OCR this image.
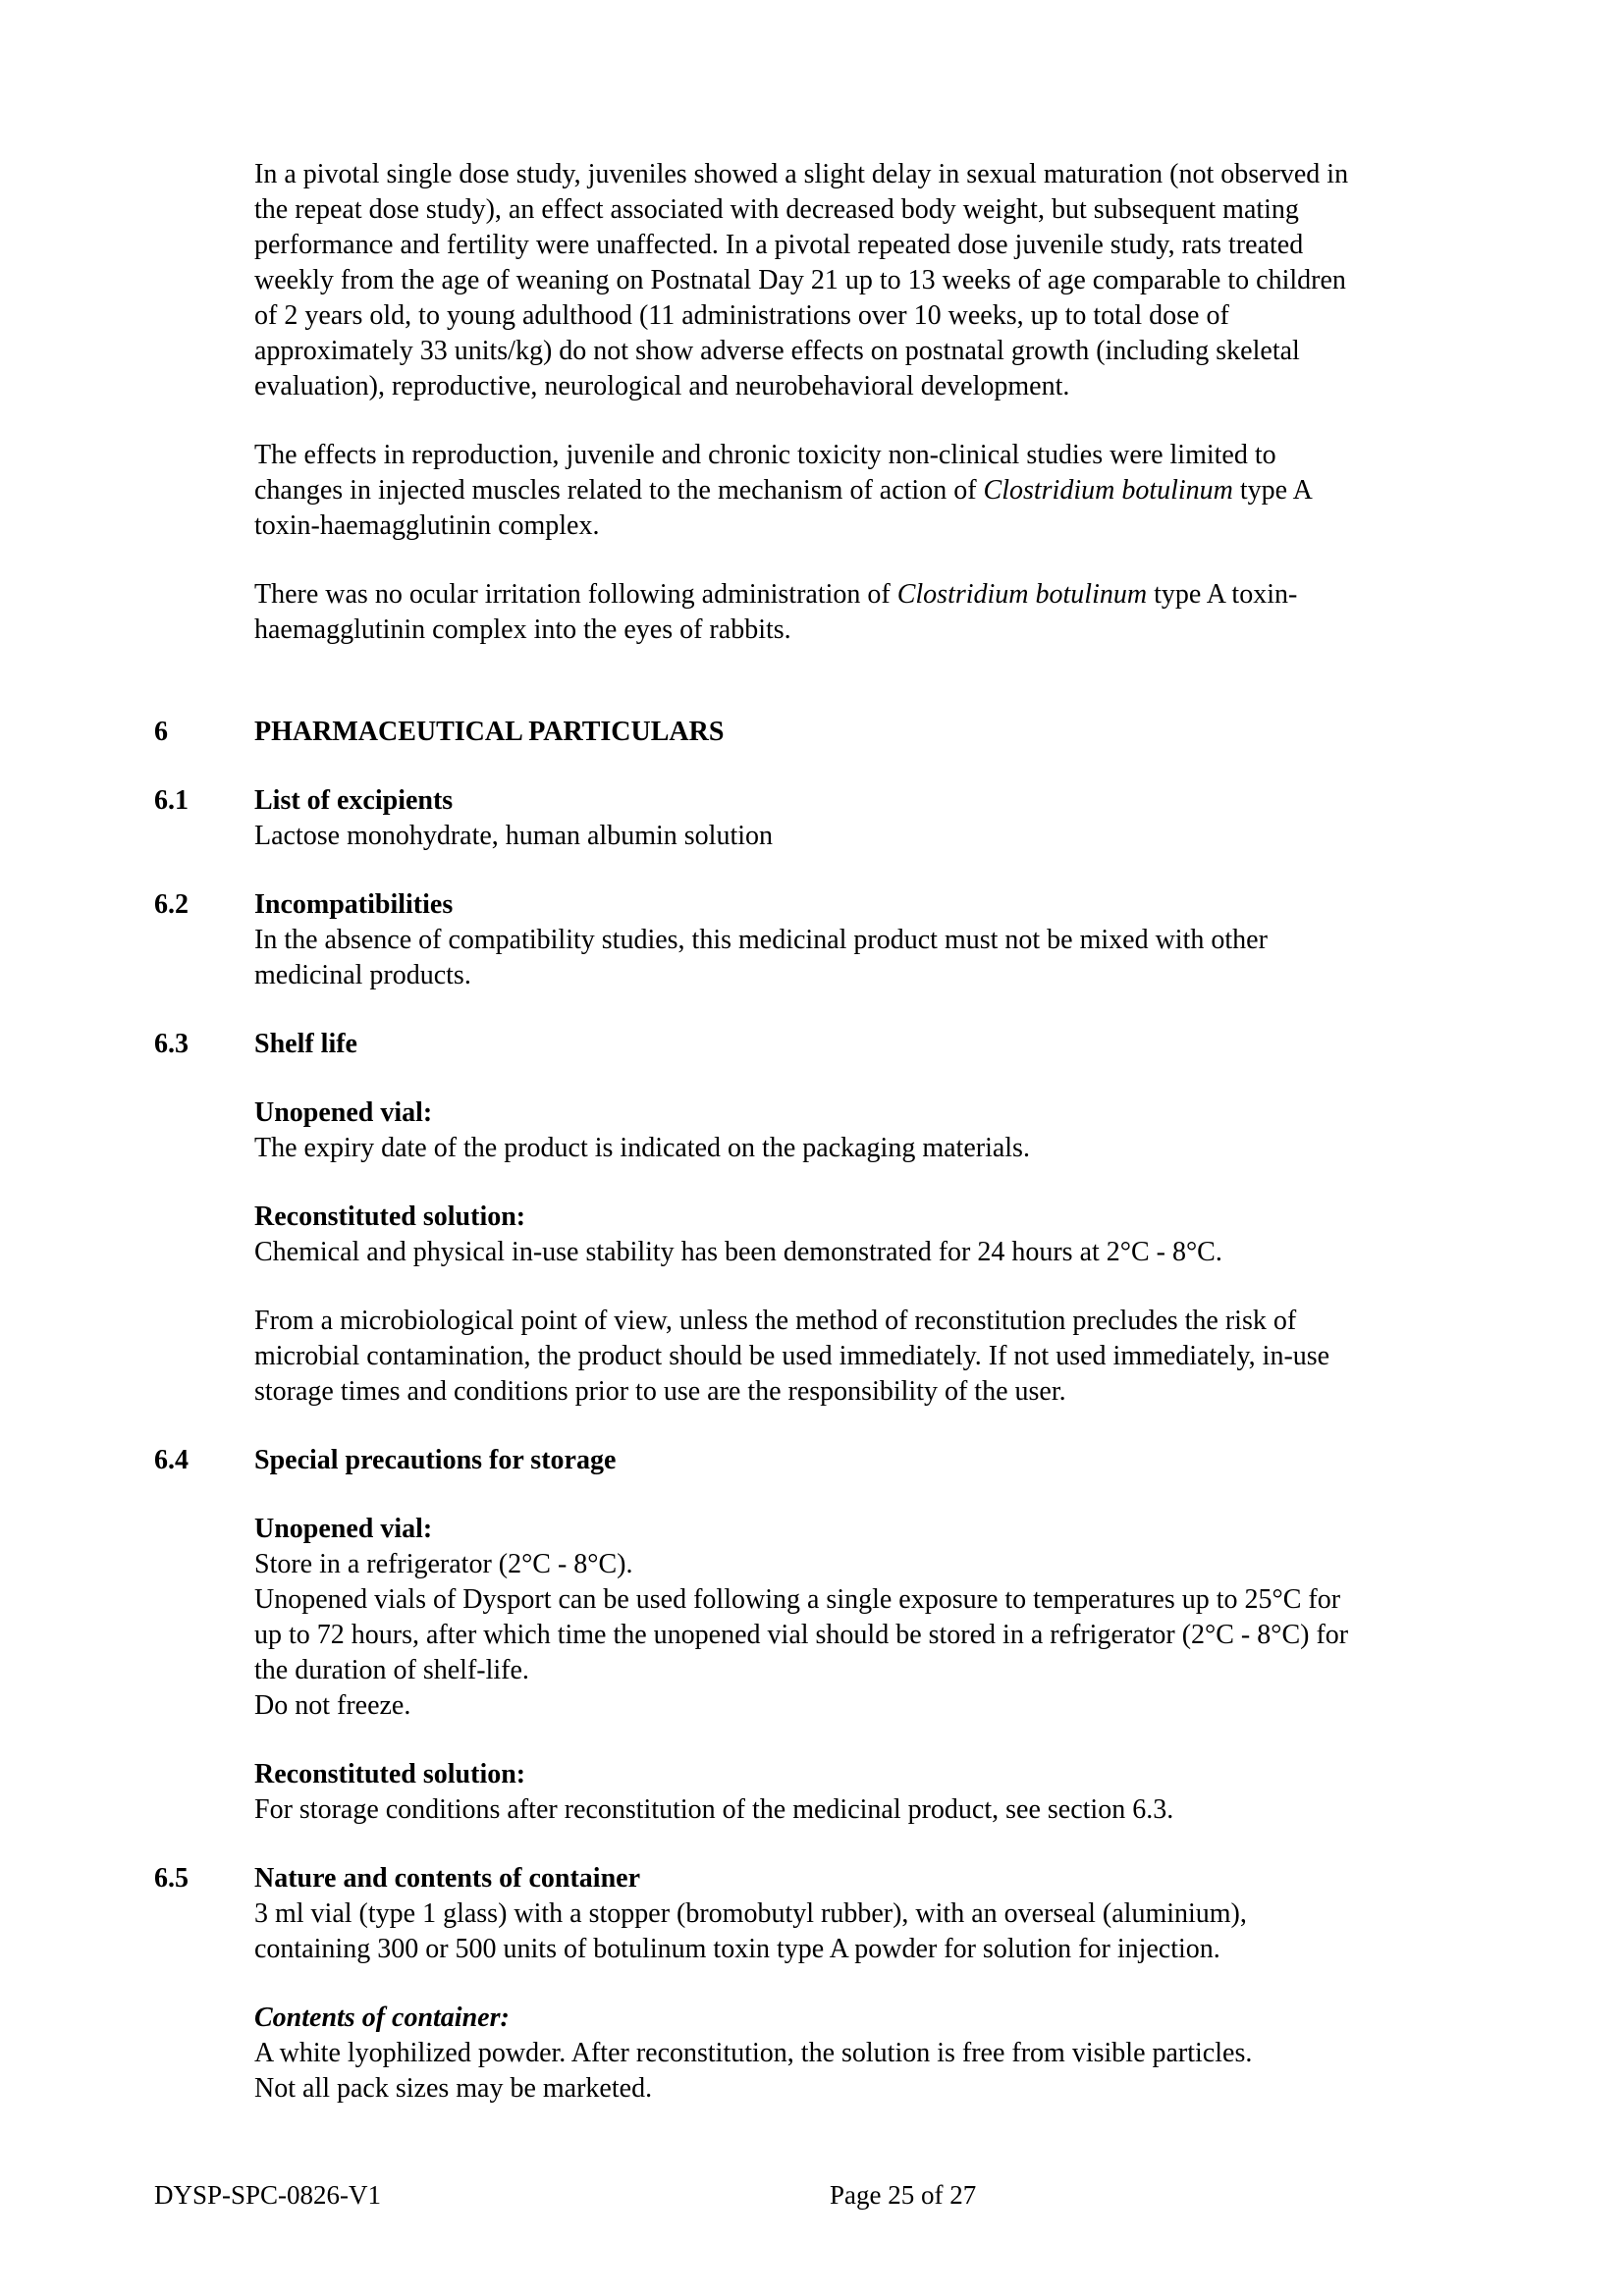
In a pivotal single dose study, juveniles showed a slight delay in sexual maturation (not observed in

the repeat dose study), an effect associated with decreased body weight, but subsequent mating

performance and fertility were unaffected. In a pivotal repeated dose juvenile study, rats treated

weekly from the age of weaning on Postnatal Day 21 up to 13 weeks of age comparable to children

of 2 years old, to young adulthood (11 administrations over 10 weeks, up to total dose of

approximately 33 units/kg) do not show adverse effects on postnatal growth (including skeletal

evaluation), reproductive, neurological and neurobehavioral development.

The effects in reproduction, juvenile and chronic toxicity non-clinical studies were limited to

changes in injected muscles related to the mechanism of action of Clostridium botulinum type A

toxin-haemagglutinin complex.

There was no ocular irritation following administration of Clostridium botulinum type A toxin-

haemagglutinin complex into the eyes of rabbits.

6	PHARMACEUTICAL PARTICULARS
6.1 List of excipients

Lactose monohydrate, human albumin solution

6.2 Incompatibilities

In the absence of compatibility studies, this medicinal product must not be mixed with other

medicinal products.

6.3 Shelf life

Unopened vial:

The expiry date of the product is indicated on the packaging materials.

Reconstituted solution:

Chemical and physical in-use stability has been demonstrated for 24 hours at 2°C - 8°C.

From a microbiological point of view, unless the method of reconstitution precludes the risk of

microbial contamination, the product should be used immediately. If not used immediately, in-use

storage times and conditions prior to use are the responsibility of the user.

6.4 Special precautions for storage

Unopened vial:

Store in a refrigerator (2°C - 8°C).

Unopened vials of Dysport can be used following a single exposure to temperatures up to 25°C for

up to 72 hours, after which time the unopened vial should be stored in a refrigerator (2°C - 8°C) for

the duration of shelf-life.

Do not freeze.

Reconstituted solution:

For storage conditions after reconstitution of the medicinal product, see section 6.3.

6.5 Nature and contents of container

3 ml vial (type 1 glass) with a stopper (bromobutyl rubber), with an overseal (aluminium),

containing 300 or 500 units of botulinum toxin type A powder for solution for injection.

Contents of container:

A white lyophilized powder. After reconstitution, the solution is free from visible particles.

Not all pack sizes may be marketed.

DYSP-SPC-0826-V1	Page 25 of 27
